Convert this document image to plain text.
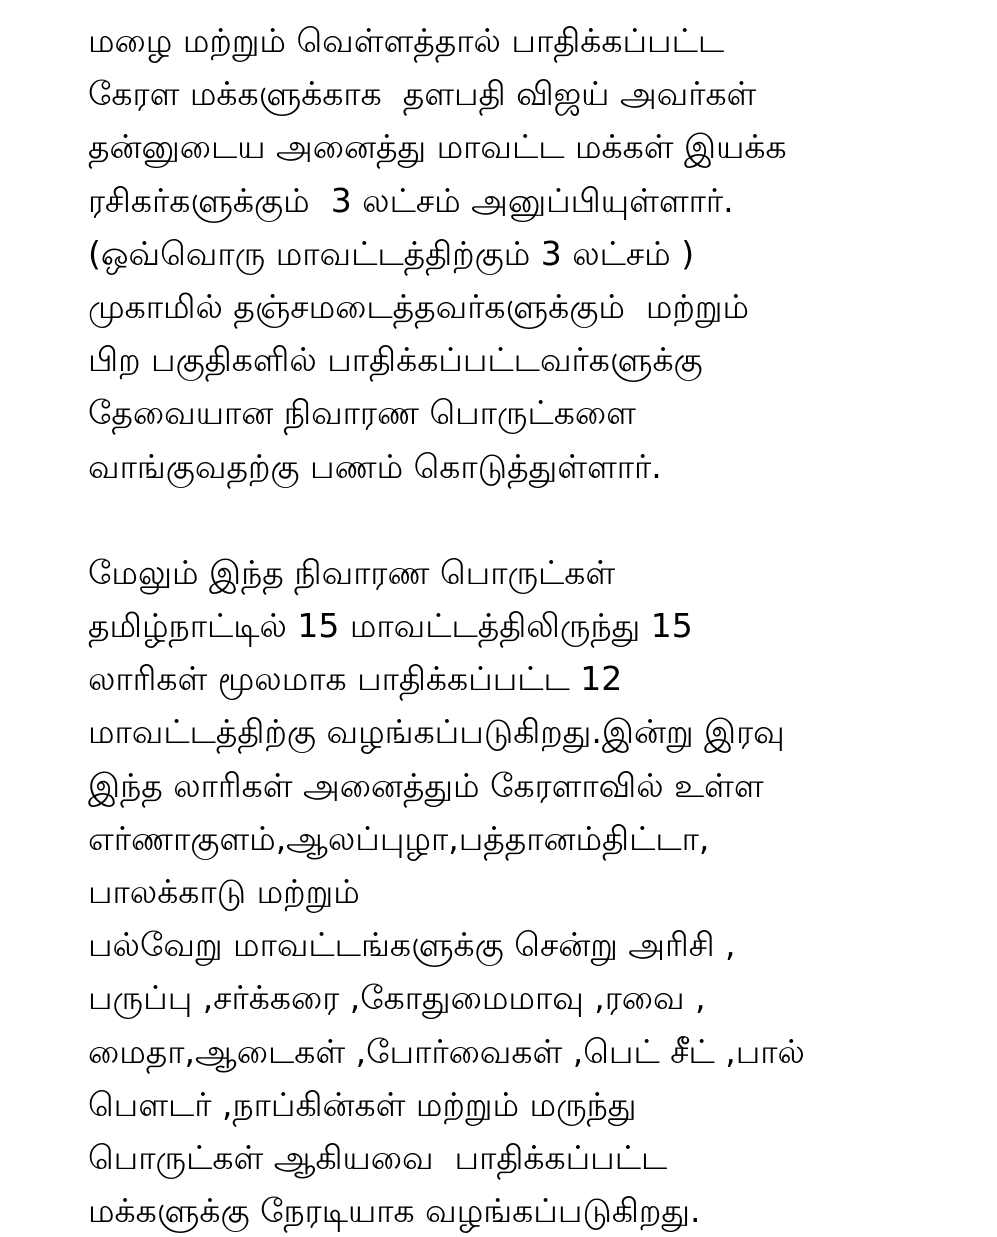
மழை மற்றும் வெள்ளத்தால் பாதிக்கப்பட்ட
கேரள மக்களுக்காக  தளபதி விஜய் அவர்கள்
தன்னுடைய அனைத்து மாவட்ட மக்கள் இயக்க
ரசிகர்களுக்கும்  3 லட்சம் அனுப்பியுள்ளார்.
(ஒவ்வொரு மாவட்டத்திற்கும் 3 லட்சம் )
முகாமில் தஞ்சமடைத்தவர்களுக்கும்  மற்றும்
பிற பகுதிகளில் பாதிக்கப்பட்டவர்களுக்கு
தேவையான நிவாரண பொருட்களை
வாங்குவதற்கு பணம் கொடுத்துள்ளார்.
மேலும் இந்த நிவாரண பொருட்கள்
தமிழ்நாட்டில் 15 மாவட்டத்திலிருந்து 15
லாரிகள் மூலமாக பாதிக்கப்பட்ட 12
மாவட்டத்திற்கு வழங்கப்படுகிறது.இன்று இரவு
இந்த லாரிகள் அனைத்தும் கேரளாவில் உள்ள
எர்ணாகுளம்,ஆலப்புழா,பத்தானம்திட்டா,
பாலக்காடு மற்றும்
பல்வேறு மாவட்டங்களுக்கு சென்று அரிசி ,
பருப்பு ,சர்க்கரை ,கோதுமைமாவு ,ரவை ,
மைதா,ஆடைகள் ,போர்வைகள் ,பெட் சீட் ,பால்
பௌடர் ,நாப்கின்கள் மற்றும் மருந்து
பொருட்கள் ஆகியவை  பாதிக்கப்பட்ட
மக்களுக்கு நேரடியாக வழங்கப்படுகிறது.
